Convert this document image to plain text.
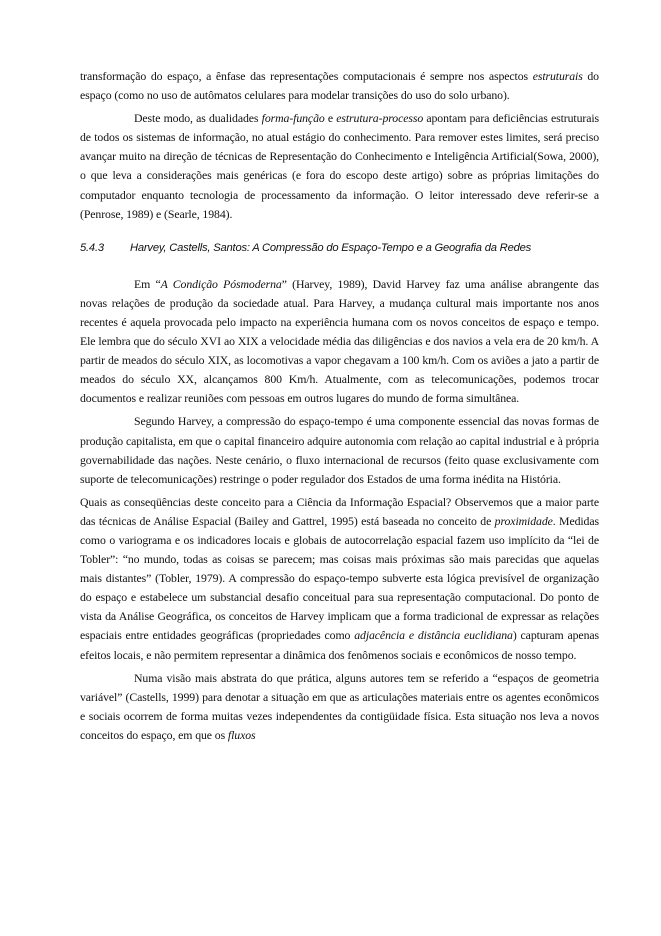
transformação do espaço, a ênfase das representações computacionais é sempre nos aspectos estruturais do espaço (como no uso de autômatos celulares para modelar transições do uso do solo urbano).

Deste modo, as dualidades forma-função e estrutura-processo apontam para deficiências estruturais de todos os sistemas de informação, no atual estágio do conhecimento. Para remover estes limites, será preciso avançar muito na direção de técnicas de Representação do Conhecimento e Inteligência Artificial(Sowa, 2000), o que leva a considerações mais genéricas (e fora do escopo deste artigo) sobre as próprias limitações do computador enquanto tecnologia de processamento da informação. O leitor interessado deve referir-se a (Penrose, 1989) e (Searle, 1984).

5.4.3 Harvey, Castells, Santos: A Compressão do Espaço-Tempo e a Geografia da Redes

Em “A Condição Pósmoderna” (Harvey, 1989), David Harvey faz uma análise abrangente das novas relações de produção da sociedade atual. Para Harvey, a mudança cultural mais importante nos anos recentes é aquela provocada pelo impacto na experiência humana com os novos conceitos de espaço e tempo. Ele lembra que do século XVI ao XIX a velocidade média das diligências e dos navios a vela era de 20 km/h. A partir de meados do século XIX, as locomotivas a vapor chegavam a 100 km/h. Com os aviões a jato a partir de meados do século XX, alcançamos 800 Km/h. Atualmente, com as telecomunicações, podemos trocar documentos e realizar reuniões com pessoas em outros lugares do mundo de forma simultânea.

Segundo Harvey, a compressão do espaço-tempo é uma componente essencial das novas formas de produção capitalista, em que o capital financeiro adquire autonomia com relação ao capital industrial e à própria governabilidade das nações. Neste cenário, o fluxo internacional de recursos (feito quase exclusivamente com suporte de telecomunicações) restringe o poder regulador dos Estados de uma forma inédita na História.

Quais as conseqüências deste conceito para a Ciência da Informação Espacial? Observemos que a maior parte das técnicas de Análise Espacial (Bailey and Gattrel, 1995) está baseada no conceito de proximidade. Medidas como o variograma e os indicadores locais e globais de autocorrelação espacial fazem uso implícito da “lei de Tobler”: “no mundo, todas as coisas se parecem; mas coisas mais próximas são mais parecidas que aquelas mais distantes” (Tobler, 1979). A compressão do espaço-tempo subverte esta lógica previsível de organização do espaço e estabelece um substancial desafio conceitual para sua representação computacional. Do ponto de vista da Análise Geográfica, os conceitos de Harvey implicam que a forma tradicional de expressar as relações espaciais entre entidades geográficas (propriedades como adjacência e distância euclidiana) capturam apenas efeitos locais, e não permitem representar a dinâmica dos fenômenos sociais e econômicos de nosso tempo.

Numa visão mais abstrata do que prática, alguns autores tem se referido a “espaços de geometria variável” (Castells, 1999) para denotar a situação em que as articulações materiais entre os agentes econômicos e sociais ocorrem de forma muitas vezes independentes da contigüidade física. Esta situação nos leva a novos conceitos do espaço, em que os fluxos
